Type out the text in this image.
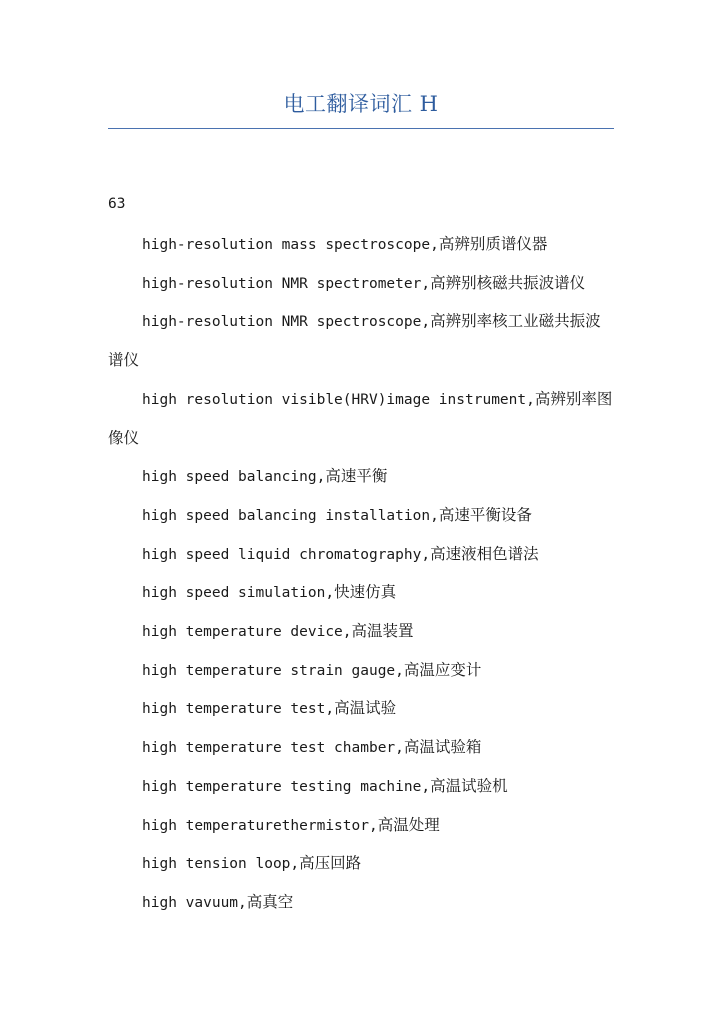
电工翻译词汇 H
63
high-resolution mass spectroscope,高辨别质谱仪器
high-resolution NMR spectrometer,高辨别核磁共振波谱仪
high-resolution NMR spectroscope,高辨别率核工业磁共振波谱仪
high resolution visible(HRV)image instrument,高辨别率图像仪
high speed balancing,高速平衡
high speed balancing installation,高速平衡设备
high speed liquid chromatography,高速液相色谱法
high speed simulation,快速仿真
high temperature device,高温装置
high temperature strain gauge,高温应变计
high temperature test,高温试验
high temperature test chamber,高温试验箱
high temperature testing machine,高温试验机
high temperaturethermistor,高温处理
high tension loop,高压回路
high vavuum,高真空
